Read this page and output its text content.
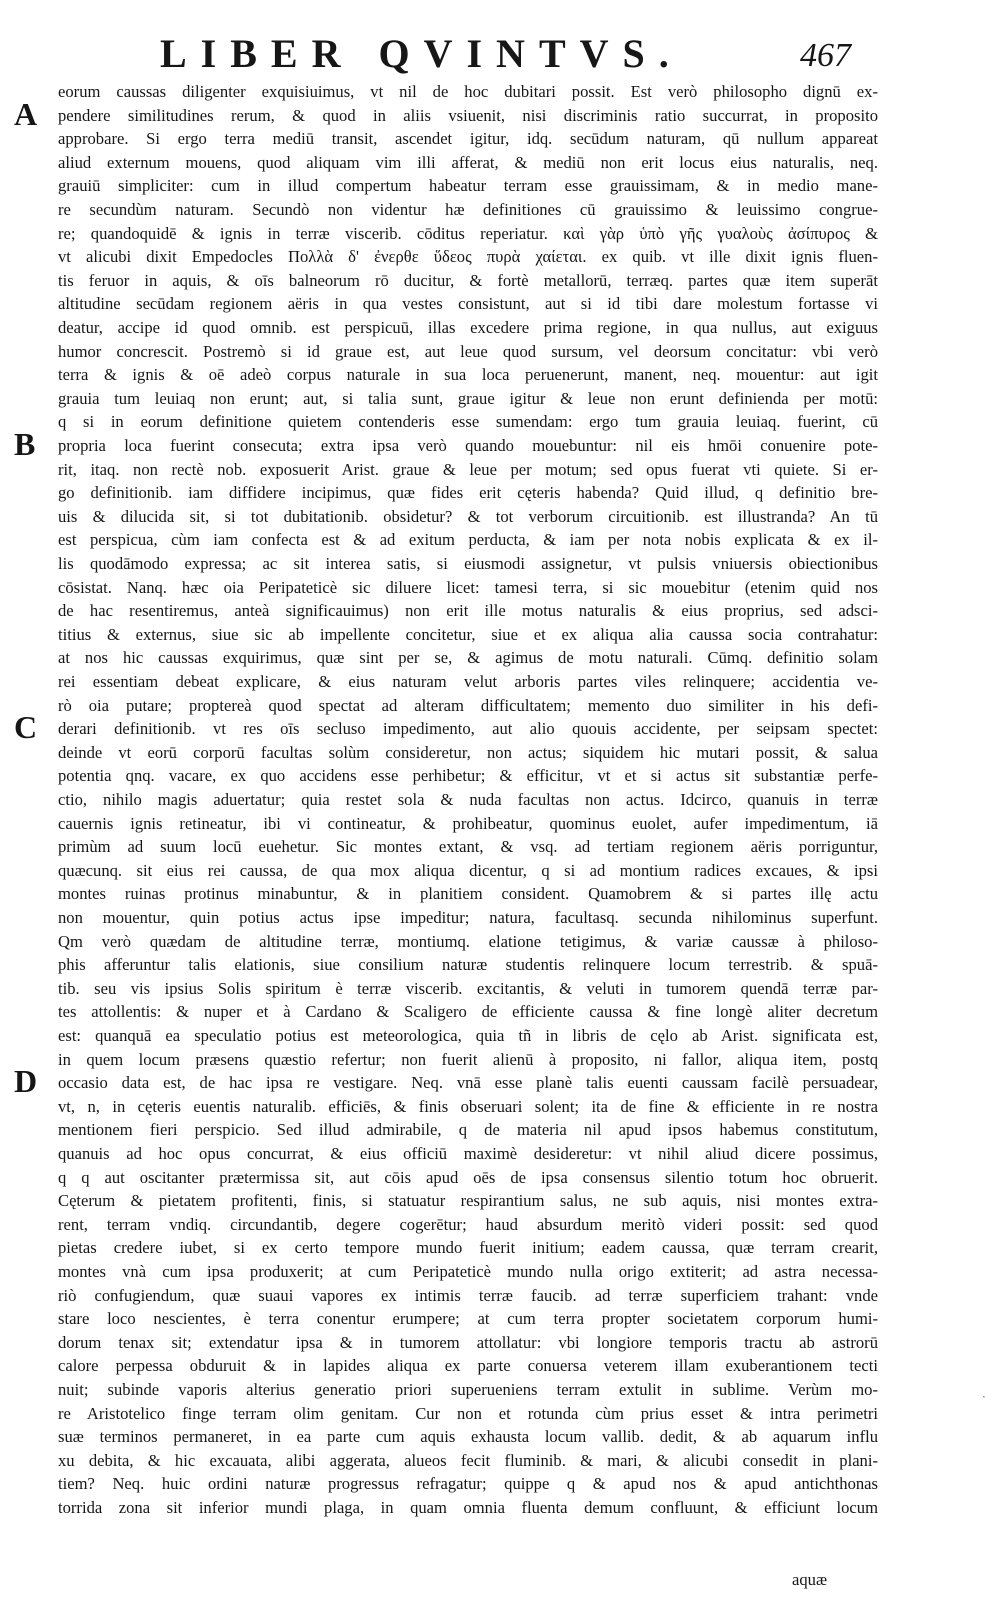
LIBER QVINTVS.	467
eorum caussas diligenter exquisiuimus, vt nil de hoc dubitari possit. Est verò philosopho dignū ex-
pendere similitudines rerum, & quod in aliis vsiuenit, nisi discriminis ratio succurrat, in proposito
approbare. Si ergo terra mediū transit, ascendet igitur, idq. secūdum naturam, qū nullum appareat
aliud externum mouens, quod aliquam vim illi afferat, & mediū non erit locus eius naturalis, neq.
grauiū simpliciter: cum in illud compertum habeatur terram esse grauissimam, & in medio mane-
re secundùm naturam. Secundò non videntur hæ definitiones cū grauissimo & leuissimo congrue-
re; quandoquidē & ignis in terræ viscerib. cōditus reperiatur. καὶ γὰρ ὑπὸ γῆς γυαλοὺς ἀσίπυρος &
vt alicubi dixit Empedocles Πολλὰ δ' ἐνερθε ὕδεος πυρὰ χαίεται. ex quib. vt ille dixit ignis fluen-
tis feruor in aquis, & oīs balneorum rō ducitur, & fortè metallorū, terræq. partes quæ item superāt
altitudine secūdam regionem aëris in qua vestes consistunt, aut si id tibi dare molestum fortasse vi
deatur, accipe id quod omnib. est perspicuū, illas excedere prima regione, in qua nullus, aut exiguus
humor concrescit. Postremò si id graue est, aut leue quod sursum, vel deorsum concitatur: vbi verò
terra & ignis & oē adeò corpus naturale in sua loca peruenerunt, manent, neq. mouentur: aut igit
grauia tum leuiaq non erunt; aut, si talia sunt, graue igitur & leue non erunt definienda per motū:
q si in eorum definitione quietem contenderis esse sumendam: ergo tum grauia leuiaq. fuerint, cū
propria loca fuerint consecuta; extra ipsa verò quando mouebuntur: nil eis hmōi conuenire pote-
rit, itaq. non rectè nob. exposuerit Arist. graue & leue per motum; sed opus fuerat vti quiete. Si er-
go definitionib. iam diffidere incipimus, quæ fides erit cęteris habenda? Quid illud, q definitio bre-
uis & dilucida sit, si tot dubitationib. obsidetur? & tot verborum circuitionib. est illustranda? An tū
est perspicua, cùm iam confecta est & ad exitum perducta, & iam per nota nobis explicata & ex il-
lis quodāmodo expressa; ac sit interea satis, si eiusmodi assignetur, vt pulsis vniuersis obiectionibus
cōsistat. Nanq. hæc oia Peripateticè sic diluere licet: tamesi terra, si sic mouebitur (etenim quid nos
de hac resentiremus, anteà significauimus) non erit ille motus naturalis & eius proprius, sed adsci-
titius & externus, siue sic ab impellente concitetur, siue et ex aliqua alia caussa socia contrahatur:
at nos hic caussas exquirimus, quæ sint per se, & agimus de motu naturali. Cūmq. definitio solam
rei essentiam debeat explicare, & eius naturam velut arboris partes viles relinquere; accidentia ve-
rò oia putare; proptereà quod spectat ad alteram difficultatem; memento duo similiter in his defi-
derari definitionib. vt res oīs secluso impedimento, aut alio quouis accidente, per seipsam spectet:
deinde vt eorū corporū facultas solùm consideretur, non actus; siquidem hic mutari possit, & salua
potentia qnq. vacare, ex quo accidens esse perhibetur; & efficitur, vt et si actus sit substantiæ perfe-
ctio, nihilo magis aduertatur; quia restet sola & nuda facultas non actus. Idcirco, quanuis in terræ
cauernis ignis retineatur, ibi vi contineatur, & prohibeatur, quominus euolet, aufer impedimentum, iā
primùm ad suum locū euehetur. Sic montes extant, & vsq. ad tertiam regionem aëris porriguntur,
quæcunq. sit eius rei caussa, de qua mox aliqua dicentur, q si ad montium radices excaues, & ipsi
montes ruinas protinus minabuntur, & in planitiem consident. Quamobrem & si partes illę actu
non mouentur, quin potius actus ipse impeditur; natura, facultasq. secunda nihilominus superfunt.
Qm verò quædam de altitudine terræ, montiumq. elatione tetigimus, & variæ caussæ à philoso-
phis afferuntur talis elationis, siue consilium naturæ studentis relinquere locum terrestrib. & spuā-
tib. seu vis ipsius Solis spiritum è terræ viscerib. excitantis, & veluti in tumorem quendā terræ par-
tes attollentis: & nuper et à Cardano & Scaligero de efficiente caussa & fine longè aliter decretum
est: quanquā ea speculatio potius est meteorologica, quia tñ in libris de cęlo ab Arist. significata est,
in quem locum præsens quæstio refertur; non fuerit alienū à proposito, ni fallor, aliqua item, postq
occasio data est, de hac ipsa re vestigare. Neq. vnā esse planè talis euenti caussam facilè persuadear,
vt, n, in cęteris euentis naturalib. efficiēs, & finis obseruari solent; ita de fine & efficiente in re nostra
mentionem fieri perspicio. Sed illud admirabile, q de materia nil apud ipsos habemus constitutum,
quanuis ad hoc opus concurrat, & eius officiū maximè desideretur: vt nihil aliud dicere possimus,
q q aut oscitanter prætermissa sit, aut cōis apud oēs de ipsa consensus silentio totum hoc obruerit.
Cęterum & pietatem profitenti, finis, si statuatur respirantium salus, ne sub aquis, nisi montes extra-
rent, terram vndiq. circundantib, degere cogerētur; haud absurdum meritò videri possit: sed quod
pietas credere iubet, si ex certo tempore mundo fuerit initium; eadem caussa, quæ terram crearit,
montes vnà cum ipsa produxerit; at cum Peripateticè mundo nulla origo extiterit; ad astra necessa-
riò confugiendum, quæ suaui vapores ex intimis terræ faucib. ad terræ superficiem trahant: vnde
stare loco nescientes, è terra conentur erumpere; at cum terra propter societatem corporum humi-
dorum tenax sit; extendatur ipsa & in tumorem attollatur: vbi longiore temporis tractu ab astrorū
calore perpessa obduruit & in lapides aliqua ex parte conuersa veterem illam exuberantionem tecti
nuit; subinde vaporis alterius generatio priori superueniens terram extulit in sublime. Verùm mo-
re Aristotelico finge terram olim genitam. Cur non et rotunda cùm prius esset & intra perimetri
suæ terminos permaneret, in ea parte cum aquis exhausta locum vallib. dedit, & ab aquarum influ
xu debita, & hic excauata, alibi aggerata, alueos fecit fluminib. & mari, & alicubi consedit in plani-
tiem? Neq. huic ordini naturæ progressus refragatur; quippe q & apud nos & apud antichthonas
torrida zona sit inferior mundi plaga, in quam omnia fluenta demum confluunt, & efficiunt locum
aquæ
·
A
B
C
D
